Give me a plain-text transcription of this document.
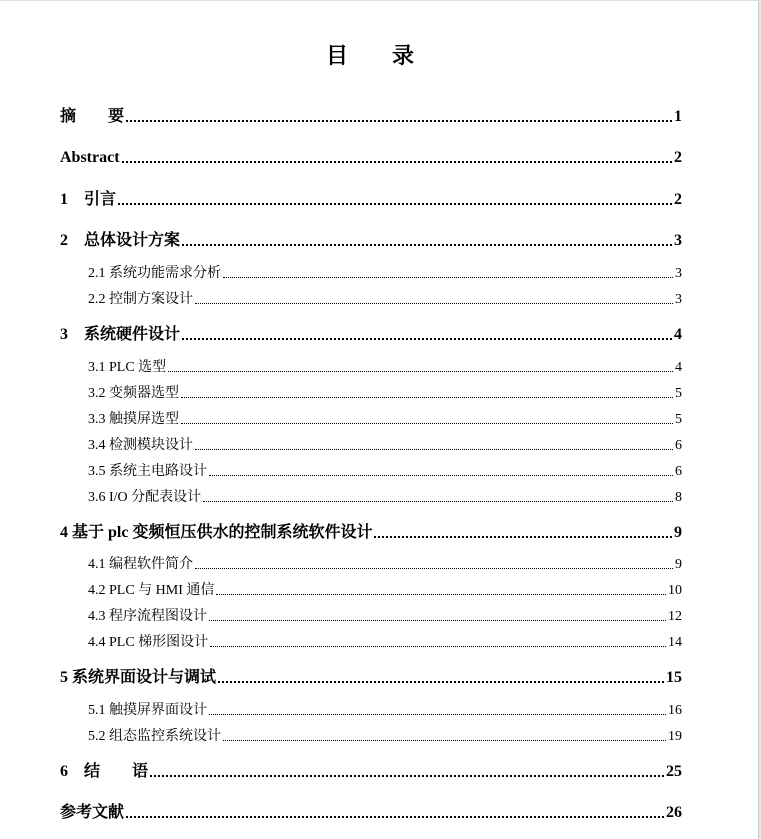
目　　录
摘　　要	1
Abstract	2
1　引言	2
2　总体设计方案	3
2.1 系统功能需求分析	3
2.2 控制方案设计	3
3　系统硬件设计	4
3.1 PLC 选型	4
3.2 变频器选型	5
3.3 触摸屏选型	5
3.4 检测模块设计	6
3.5 系统主电路设计	6
3.6 I/O 分配表设计	8
4 基于 plc 变频恒压供水的控制系统软件设计	9
4.1 编程软件简介	9
4.2 PLC 与 HMI 通信	10
4.3 程序流程图设计	12
4.4 PLC 梯形图设计	14
5 系统界面设计与调试	15
5.1 触摸屏界面设计	16
5.2 组态监控系统设计	19
6　结　　语	25
参考文献	26
